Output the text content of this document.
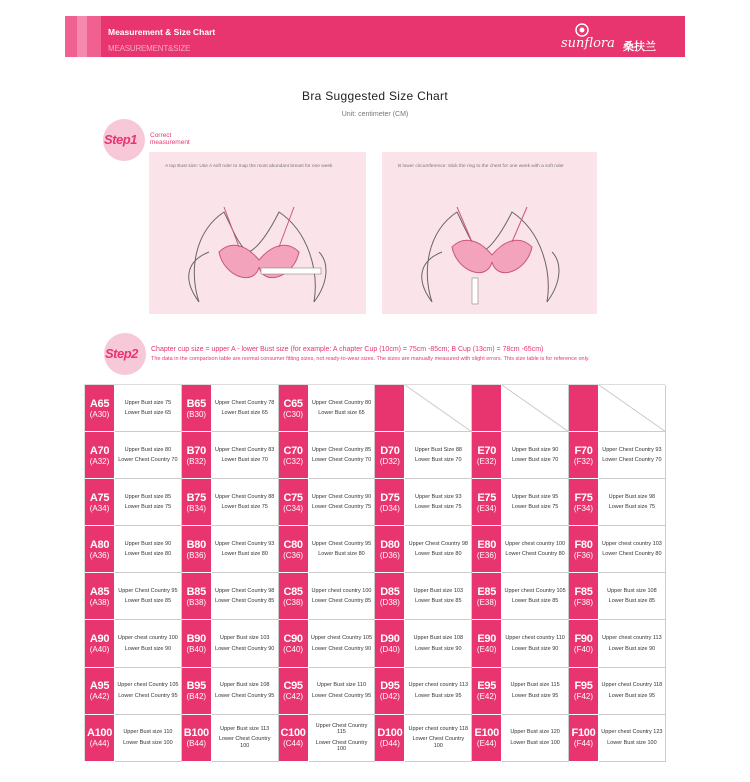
Measurement & Size Chart
MEASUREMENT&SIZE	sunflora 桑扶兰
Bra Suggested Size Chart
Unit: centimeter (CM)
Step1 Correct measurement
A top Bust size: Use A soft ruler to map the most abundant breast for one week	B lower circumference: stick the ring to the chest for one week with a soft ruler
Step2 Chapter cup size = upper A - lower Bust size (for example: A chapter Cup (10cm) = 75cm -85cm; B Cup (13cm) = 78cm -65cm)
The data in the comparison table are normal consumer fitting sizes, not ready-to-wear sizes. The sizes are manually measured with slight errors. This size table is for reference only.
A65
(A30)
Upper Bust size 75
Lower Bust size 65
B65
(B30)
Upper Chest Country 78
Lower Bust size 65
C65
(C30)
Upper Chest Country 80
Lower Bust size 65
A70
(A32)
Upper Bust size 80
Lower Chest Country 70
B70
(B32)
Upper Chest Country 83
Lower Bust size 70
C70
(C32)
Upper Chest Country 85
Lower Chest Country 70
D70
(D32)
Upper Bust Size 88
Lower Bust size 70
E70
(E32)
Upper Bust size 90
Lower Bust size 70
F70
(F32)
Upper Chest Country 93
Lower Chest Country 70
A75
(A34)
Upper Bust size 85
Lower Bust size 75
B75
(B34)
Upper Chest Country 88
Lower Bust size 75
C75
(C34)
Upper Chest Country 90
Lower Chest Country 75
D75
(D34)
Upper Bust size 93
Lower Bust size 75
E75
(E34)
Upper Bust size 95
Lower Bust size 75
F75
(F34)
Upper Bust size 98
Lower Bust size 75
A80
(A36)
Upper Bust size 90
Lower Bust size 80
B80
(B36)
Upper Chest Country 93
Lower Bust size 80
C80
(C36)
Upper Chest Country 95
Lower Bust size 80
D80
(D36)
Upper Chest Country 98
Lower Bust size 80
E80
(E36)
Upper chest country 100
Lower Chest Country 80
F80
(F36)
Upper chest country 103
Lower Chest Country 80
A85
(A38)
Upper Chest Country 95
Lower Bust size 85
B85
(B38)
Upper Chest Country 98
Lower Chest Country 85
C85
(C38)
Upper chest country 100
Lower Chest Country 85
D85
(D38)
Upper Bust size 103
Lower Bust size 85
E85
(E38)
Upper chest Country 105
Lower Bust size 85
F85
(F38)
Upper Bust size 108
Lower Bust size 85
A90
(A40)
Upper chest country 100
Lower Bust size 90
B90
(B40)
Upper Bust size 103
Lower Chest Country 90
C90
(C40)
Upper chest Country 105
Lower Chest Country 90
D90
(D40)
Upper Bust size 108
Lower Bust size 90
E90
(E40)
Upper chest country 110
Lower Bust size 90
F90
(F40)
Upper chest country 113
Lower Bust size 90
A95
(A42)
Upper chest Country 105
Lower Chest Country 95
B95
(B42)
Upper Bust size 108
Lower Chest Country 95
C95
(C42)
Upper Bust size 110
Lower Chest Country 95
D95
(D42)
Upper chest country 113
Lower Bust size 95
E95
(E42)
Upper Bust size 115
Lower Bust size 95
F95
(F42)
Upper chest Country 118
Lower Bust size 95
A100
(A44)
Upper Bust size 110
Lower Bust size 100
B100
(B44)
Upper Bust size 113
Lower Chest Country 100
C100
(C44)
Upper Chest Country 115
Lower Chest Country 100
D100
(D44)
Upper chest country 118
Lower Chest Country 100
E100
(E44)
Upper Bust size 120
Lower Bust size 100
F100
(F44)
Upper chest Country 123
Lower Bust size 100
